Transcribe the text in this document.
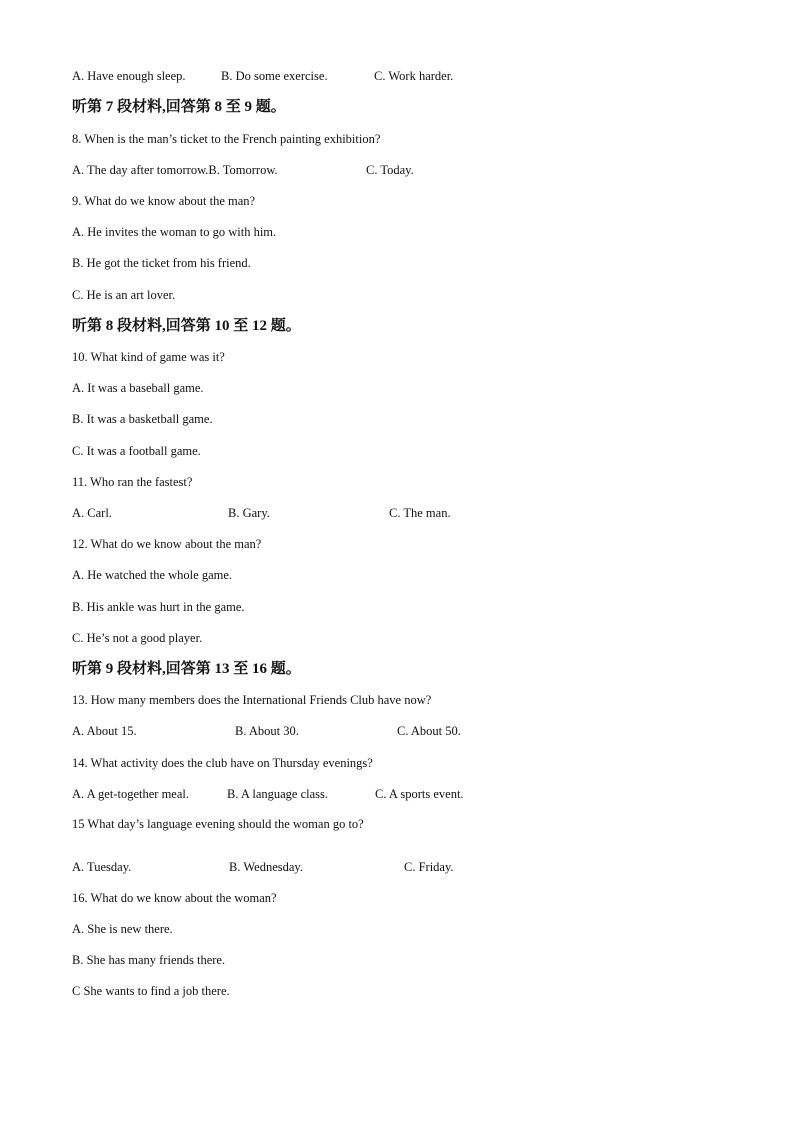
A. Have enough sleep.	B. Do some exercise.	C. Work harder.
听第 7 段材料,回答第 8 至 9 题。
8. When is the man’s ticket to the French painting exhibition?
A. The day after tomorrow.B. Tomorrow.	C. Today.
9. What do we know about the man?
A. He invites the woman to go with him.
B. He got the ticket from his friend.
C. He is an art lover.
听第 8 段材料,回答第 10 至 12 题。
10. What kind of game was it?
A. It was a baseball game.
B. It was a basketball game.
C. It was a football game.
11. Who ran the fastest?
A. Carl.	B. Gary.	C. The man.
12. What do we know about the man?
A. He watched the whole game.
B. His ankle was hurt in the game.
C. He’s not a good player.
听第 9 段材料,回答第 13 至 16 题。
13. How many members does the International Friends Club have now?
A. About 15.	B. About 30.	C. About 50.
14. What activity does the club have on Thursday evenings?
A. A get-together meal.	B. A language class.	C. A sports event.
15 What day’s language evening should the woman go to?
A. Tuesday.	B. Wednesday.	C. Friday.
16. What do we know about the woman?
A. She is new there.
B. She has many friends there.
C She wants to find a job there.
